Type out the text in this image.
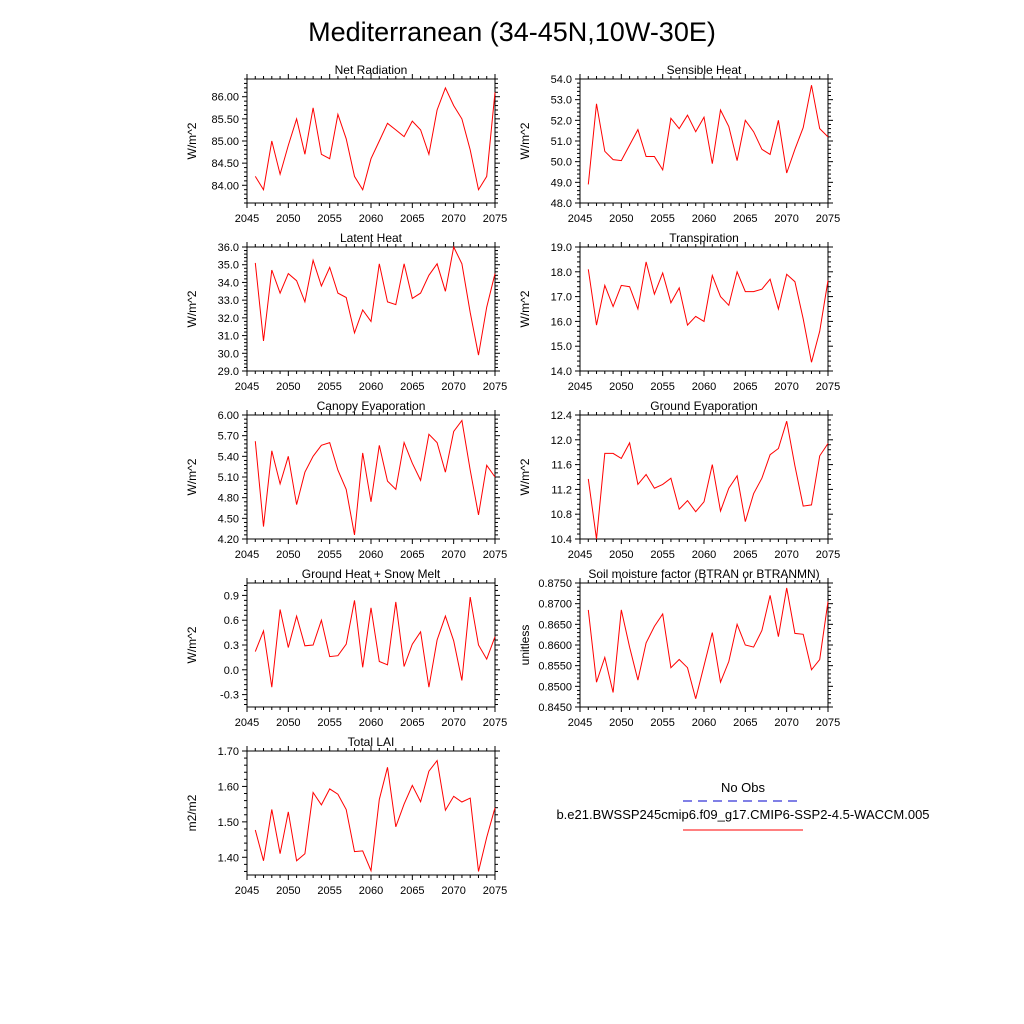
Mediterranean (34-45N,10W-30E)
Net Radiation
2045 2050 2055 2060 2065 2070 2075
84.00
84.50
85.00
85.50
86.00
W/m^2
Sensible Heat
2045 2050 2055 2060 2065 2070 2075
48.0
49.0
50.0
51.0
52.0
53.0
54.0
W/m^2
Latent Heat
2045 2050 2055 2060 2065 2070 2075
29.0
30.0
31.0
32.0
33.0
34.0
35.0
36.0
W/m^2
Transpiration
2045 2050 2055 2060 2065 2070 2075
14.0
15.0
16.0
17.0
18.0
19.0
W/m^2
Canopy Evaporation
2045 2050 2055 2060 2065 2070 2075
4.20
4.50
4.80
5.10
5.40
5.70
6.00
W/m^2
Ground Evaporation
2045 2050 2055 2060 2065 2070 2075
10.4
10.8
11.2
11.6
12.0
12.4
W/m^2
Ground Heat + Snow Melt
2045 2050 2055 2060 2065 2070 2075
-0.3
0.0
0.3
0.6
0.9
W/m^2
Soil moisture factor (BTRAN or BTRANMN)
2045 2050 2055 2060 2065 2070 2075
0.8450
0.8500
0.8550
0.8600
0.8650
0.8700
0.8750
unitless
Total LAI
2045 2050 2055 2060 2065 2070 2075
1.40
1.50
1.60
1.70
m2/m2
No Obs
b.e21.BWSSP245cmip6.f09_g17.CMIP6-SSP2-4.5-WACCM.005
